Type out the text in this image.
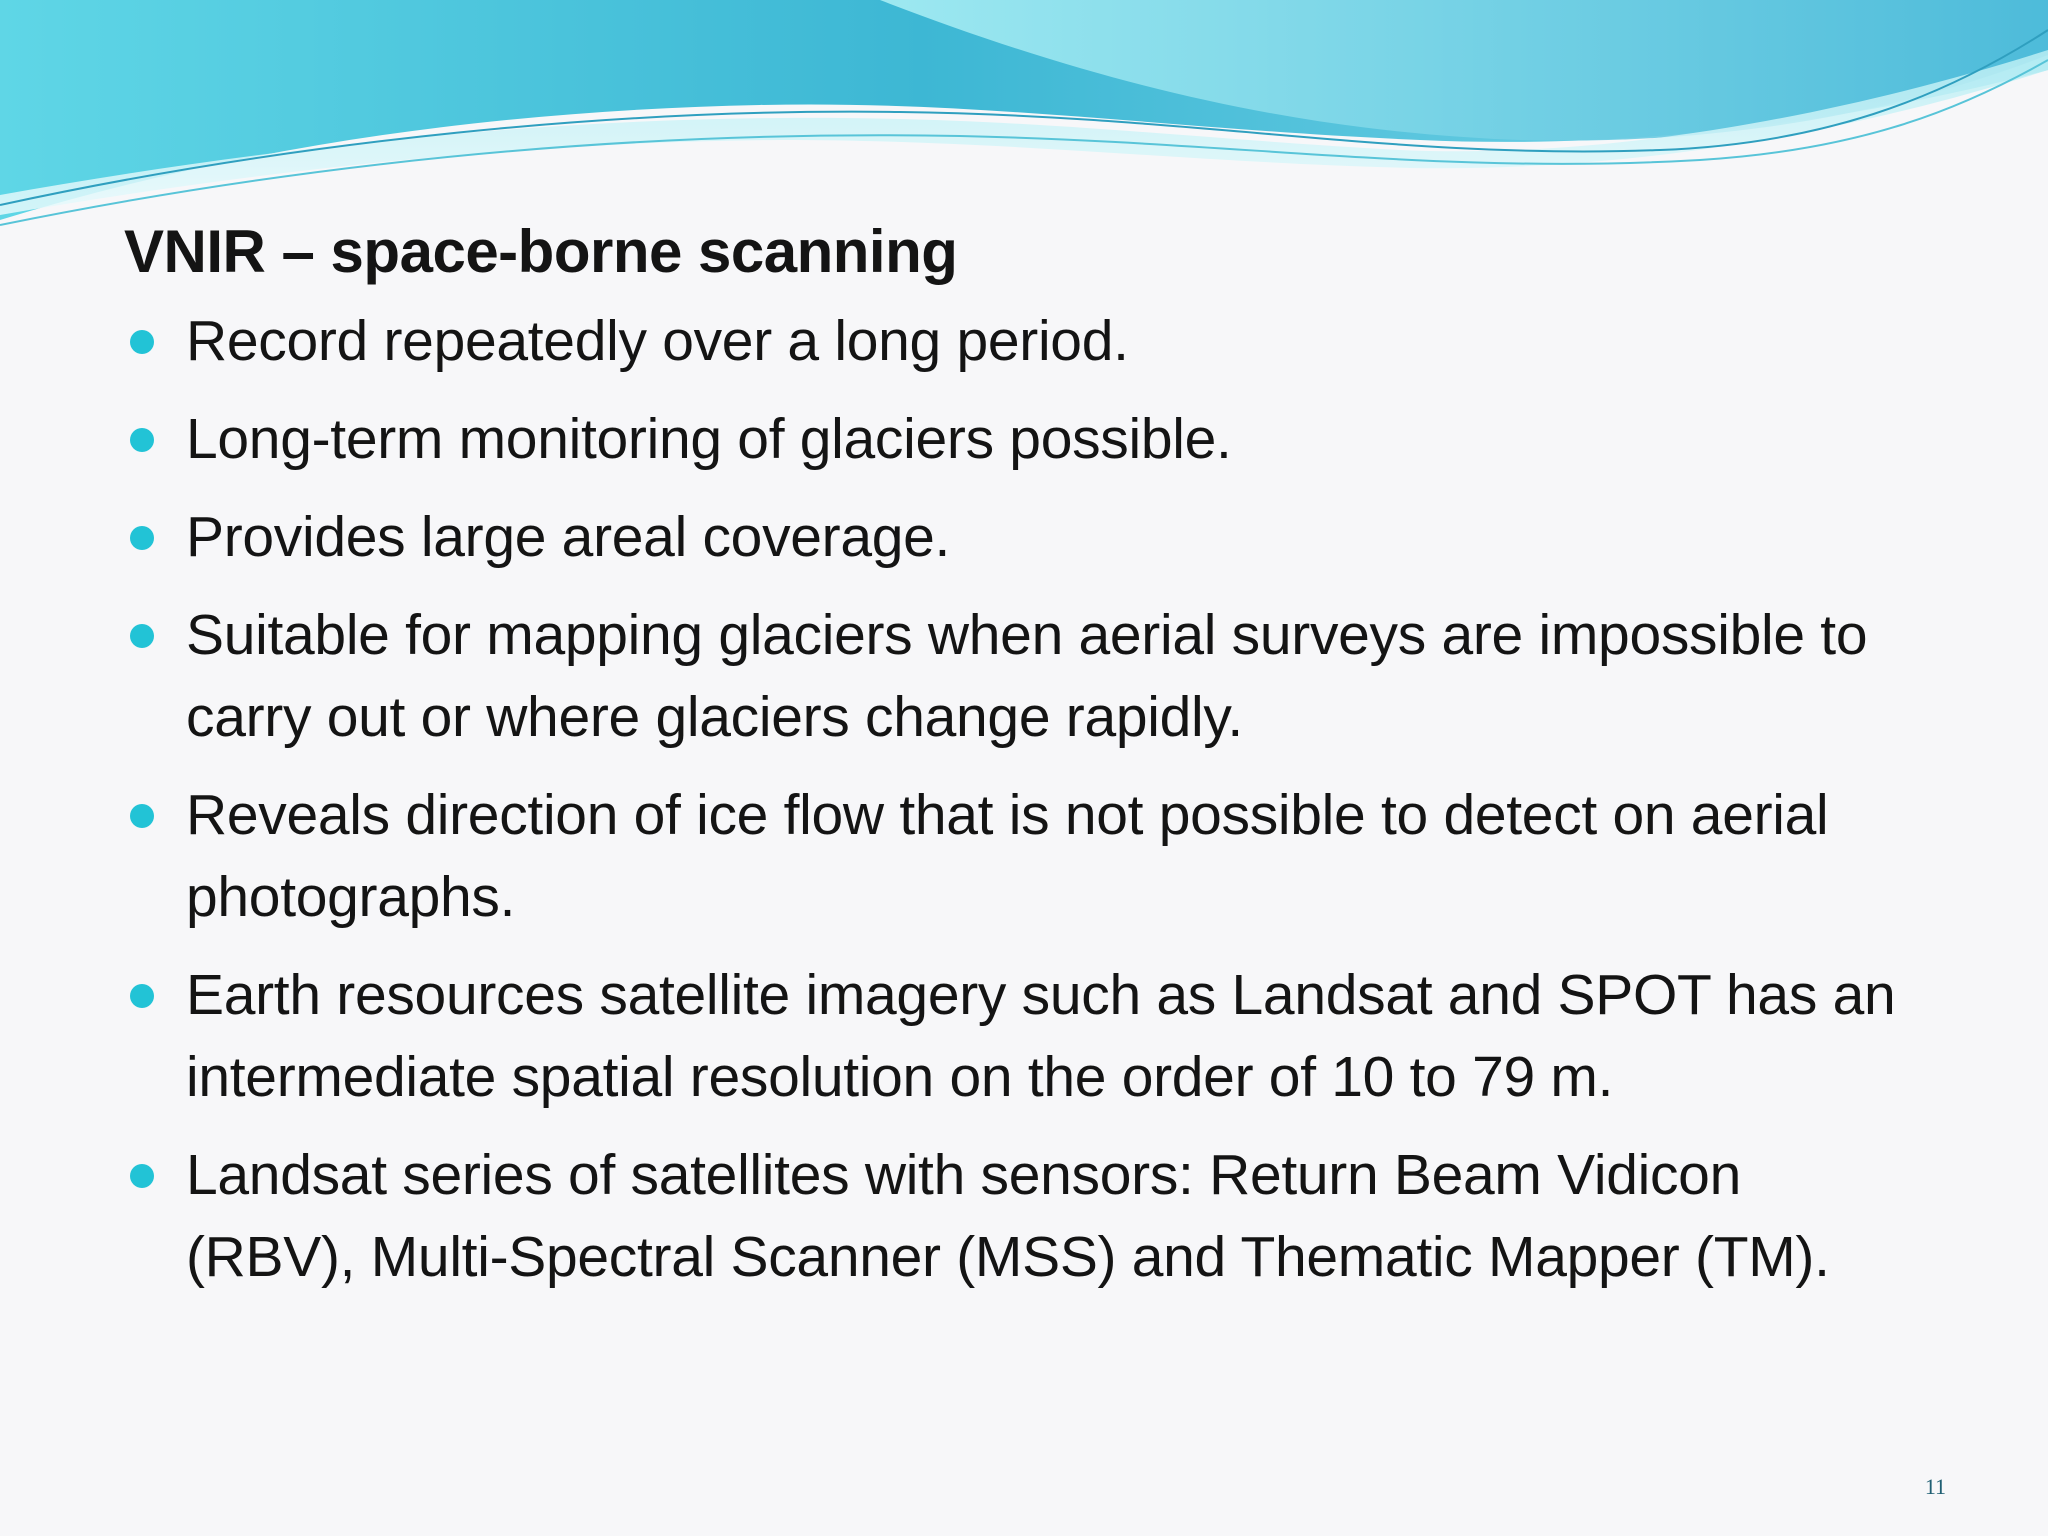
VNIR – space-borne scanning
Record repeatedly over a long period.
Long-term monitoring of glaciers possible.
Provides large areal coverage.
Suitable for mapping glaciers when aerial surveys are impossible to carry out or where glaciers change rapidly.
Reveals direction of ice flow that is not possible to detect on aerial photographs.
Earth resources satellite imagery such as Landsat and SPOT has an intermediate spatial resolution on the order of 10 to 79 m.
Landsat series of satellites with sensors: Return Beam Vidicon (RBV), Multi-Spectral Scanner (MSS) and Thematic Mapper (TM).
11
